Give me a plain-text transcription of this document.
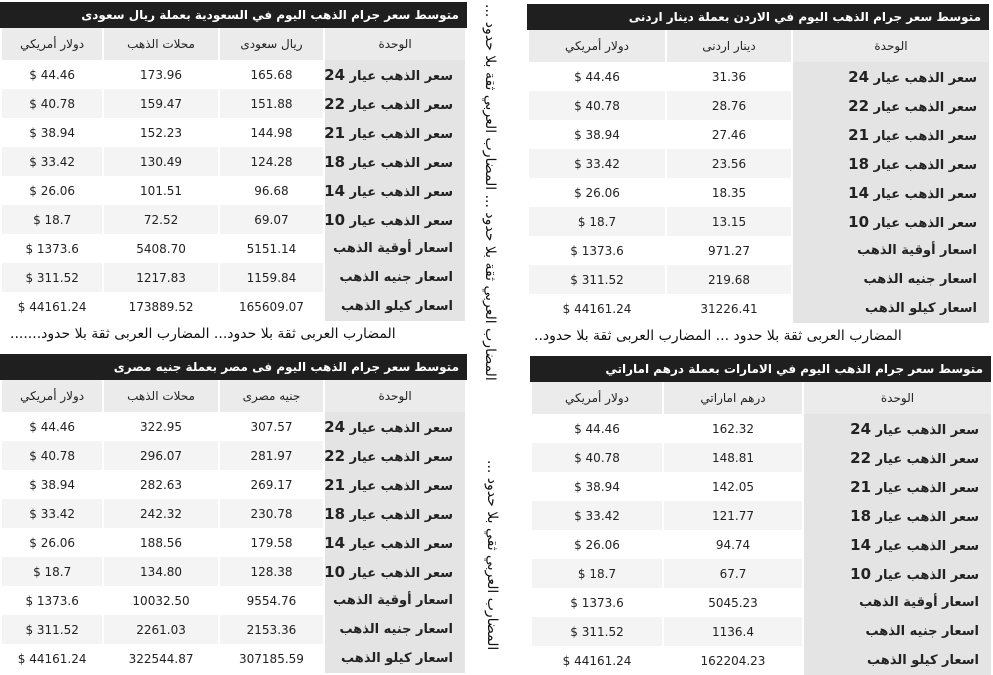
متوسط سعر جرام الذهب اليوم في السعودية بعملة ريال سعودى
دولار أمريكي	محلات الذهب	ريال سعودى	الوحدة
$ 44.46	173.96	165.68	سعر الذهب عيار 24
$ 40.78	159.47	151.88	سعر الذهب عيار 22
$ 38.94	152.23	144.98	سعر الذهب عيار 21
$ 33.42	130.49	124.28	سعر الذهب عيار 18
$ 26.06	101.51	96.68	سعر الذهب عيار 14
$ 18.7	72.52	69.07	سعر الذهب عيار 10
$ 1373.6	5408.70	5151.14	اسعار أوقية الذهب
$ 311.52	1217.83	1159.84	اسعار جنيه الذهب
$ 44161.24	173889.52	165609.07	اسعار كيلو الذهب
متوسط سعر جرام الذهب اليوم فى مصر بعملة جنيه مصرى
دولار أمريكي	محلات الذهب	جنيه مصرى	الوحدة
$ 44.46	322.95	307.57	سعر الذهب عيار 24
$ 40.78	296.07	281.97	سعر الذهب عيار 22
$ 38.94	282.63	269.17	سعر الذهب عيار 21
$ 33.42	242.32	230.78	سعر الذهب عيار 18
$ 26.06	188.56	179.58	سعر الذهب عيار 14
$ 18.7	134.80	128.38	سعر الذهب عيار 10
$ 1373.6	10032.50	9554.76	اسعار أوقية الذهب
$ 311.52	2261.03	2153.36	اسعار جنيه الذهب
$ 44161.24	322544.87	307185.59	اسعار كيلو الذهب
متوسط سعر جرام الذهب اليوم في الاردن بعملة دينار اردنى
دولار أمريكي	دينار اردنى	الوحدة
$ 44.46	31.36	سعر الذهب عيار 24
$ 40.78	28.76	سعر الذهب عيار 22
$ 38.94	27.46	سعر الذهب عيار 21
$ 33.42	23.56	سعر الذهب عيار 18
$ 26.06	18.35	سعر الذهب عيار 14
$ 18.7	13.15	سعر الذهب عيار 10
$ 1373.6	971.27	اسعار أوقية الذهب
$ 311.52	219.68	اسعار جنيه الذهب
$ 44161.24	31226.41	اسعار كيلو الذهب
متوسط سعر جرام الذهب اليوم في الامارات بعملة درهم اماراتي
دولار أمريكي	درهم اماراتي	الوحدة
$ 44.46	162.32	سعر الذهب عيار 24
$ 40.78	148.81	سعر الذهب عيار 22
$ 38.94	142.05	سعر الذهب عيار 21
$ 33.42	121.77	سعر الذهب عيار 18
$ 26.06	94.74	سعر الذهب عيار 14
$ 18.7	67.7	سعر الذهب عيار 10
$ 1373.6	5045.23	اسعار أوقية الذهب
$ 311.52	1136.4	اسعار جنيه الذهب
$ 44161.24	162204.23	اسعار كيلو الذهب
المضارب العربى ثقة بلا حدود... المضارب العربى ثقة بلا حدود.......	المضارب العربى ثقة بلا حدود ... المضارب العربى ثقة بلا حدود..
المضارب العربي ثقة بلا حدود ... المضارب العربي ثقة بلا حدود ...
المضارب العربي ثقي بلا حدود ...
